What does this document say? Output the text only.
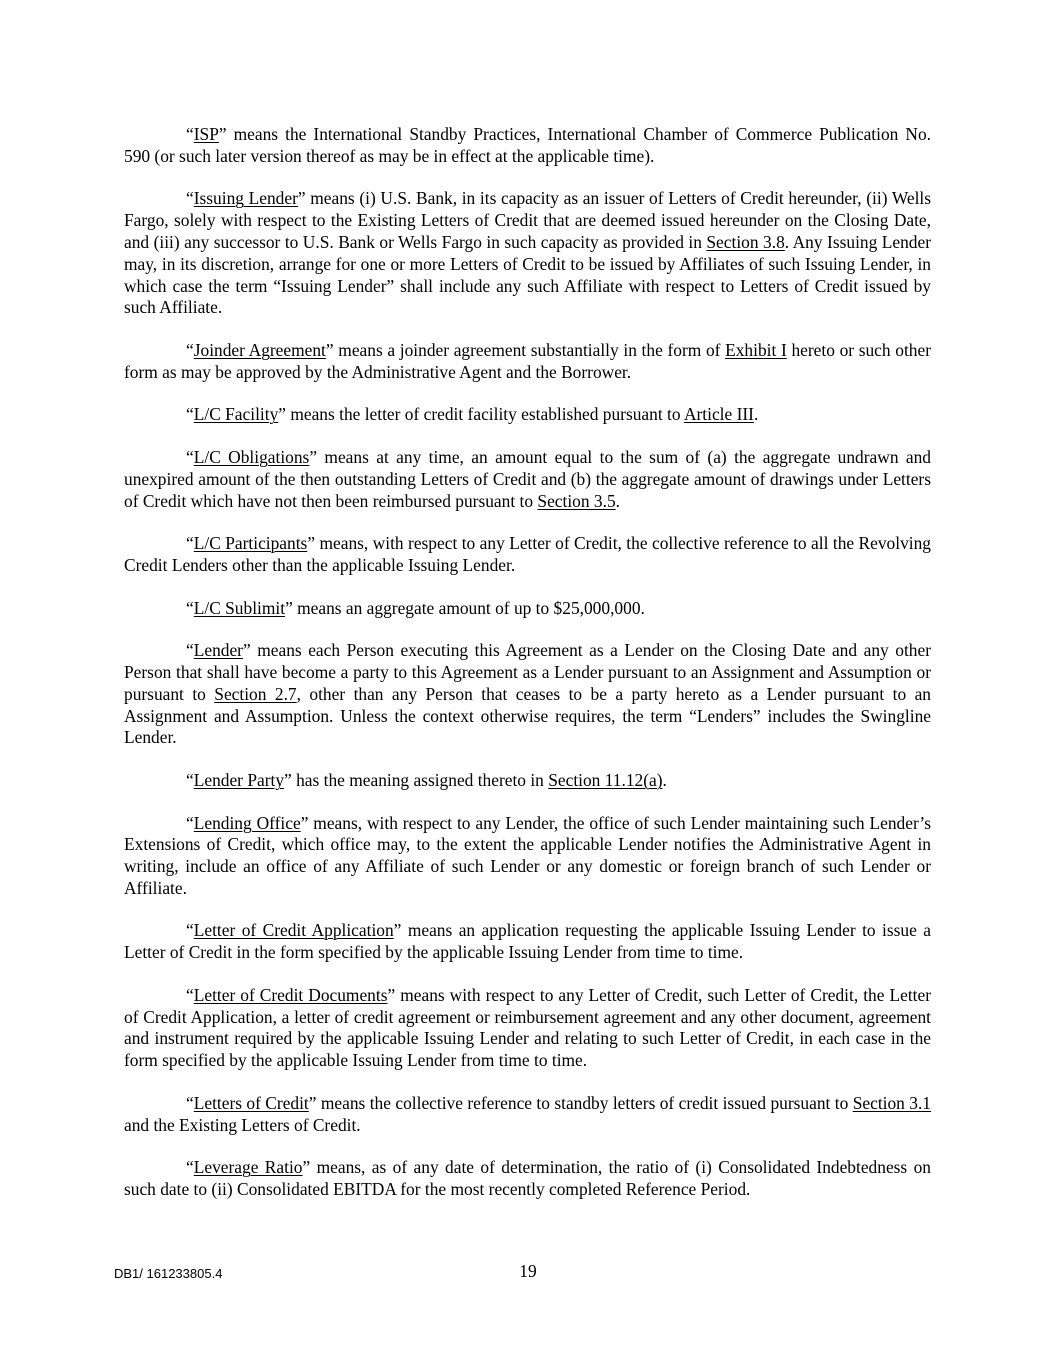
“ISP” means the International Standby Practices, International Chamber of Commerce Publication No. 590 (or such later version thereof as may be in effect at the applicable time).

“Issuing Lender” means (i) U.S. Bank, in its capacity as an issuer of Letters of Credit hereunder, (ii) Wells Fargo, solely with respect to the Existing Letters of Credit that are deemed issued hereunder on the Closing Date, and (iii) any successor to U.S. Bank or Wells Fargo in such capacity as provided in Section 3.8. Any Issuing Lender may, in its discretion, arrange for one or more Letters of Credit to be issued by Affiliates of such Issuing Lender, in which case the term “Issuing Lender” shall include any such Affiliate with respect to Letters of Credit issued by such Affiliate.

“Joinder Agreement” means a joinder agreement substantially in the form of Exhibit I hereto or such other form as may be approved by the Administrative Agent and the Borrower.

“L/C Facility” means the letter of credit facility established pursuant to Article III.

“L/C Obligations” means at any time, an amount equal to the sum of (a) the aggregate undrawn and unexpired amount of the then outstanding Letters of Credit and (b) the aggregate amount of drawings under Letters of Credit which have not then been reimbursed pursuant to Section 3.5.

“L/C Participants” means, with respect to any Letter of Credit, the collective reference to all the Revolving Credit Lenders other than the applicable Issuing Lender.

“L/C Sublimit” means an aggregate amount of up to $25,000,000.

“Lender” means each Person executing this Agreement as a Lender on the Closing Date and any other Person that shall have become a party to this Agreement as a Lender pursuant to an Assignment and Assumption or pursuant to Section 2.7, other than any Person that ceases to be a party hereto as a Lender pursuant to an Assignment and Assumption. Unless the context otherwise requires, the term “Lenders” includes the Swingline Lender.

“Lender Party” has the meaning assigned thereto in Section 11.12(a).

“Lending Office” means, with respect to any Lender, the office of such Lender maintaining such Lender’s Extensions of Credit, which office may, to the extent the applicable Lender notifies the Administrative Agent in writing, include an office of any Affiliate of such Lender or any domestic or foreign branch of such Lender or Affiliate.

“Letter of Credit Application” means an application requesting the applicable Issuing Lender to issue a Letter of Credit in the form specified by the applicable Issuing Lender from time to time.

“Letter of Credit Documents” means with respect to any Letter of Credit, such Letter of Credit, the Letter of Credit Application, a letter of credit agreement or reimbursement agreement and any other document, agreement and instrument required by the applicable Issuing Lender and relating to such Letter of Credit, in each case in the form specified by the applicable Issuing Lender from time to time.

“Letters of Credit” means the collective reference to standby letters of credit issued pursuant to Section 3.1 and the Existing Letters of Credit.

“Leverage Ratio” means, as of any date of determination, the ratio of (i) Consolidated Indebtedness on such date to (ii) Consolidated EBITDA for the most recently completed Reference Period.

DB1/ 161233805.4	19
